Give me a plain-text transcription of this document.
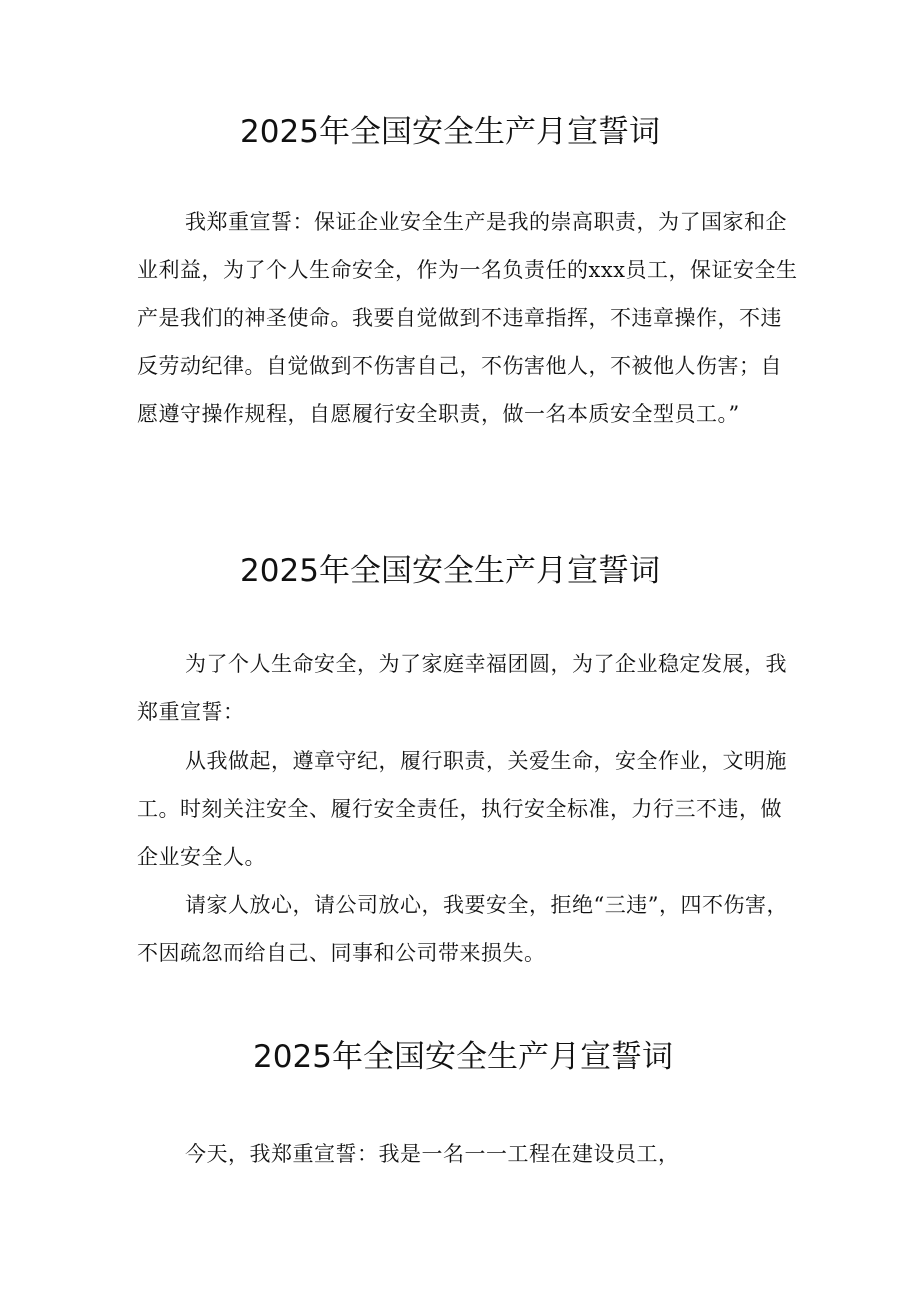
2025年全国安全生产月宣誓词

我郑重宣誓：保证企业安全生产是我的崇高职责，为了国家和企业利益，为了个人生命安全，作为一名负责任的xxx员工，保证安全生产是我们的神圣使命。我要自觉做到不违章指挥，不违章操作，不违反劳动纪律。自觉做到不伤害自己，不伤害他人，不被他人伤害；自愿遵守操作规程，自愿履行安全职责，做一名本质安全型员工。”

2025年全国安全生产月宣誓词

为了个人生命安全，为了家庭幸福团圆，为了企业稳定发展，我郑重宣誓：

从我做起，遵章守纪，履行职责，关爱生命，安全作业，文明施工。时刻关注安全、履行安全责任，执行安全标准，力行三不违，做企业安全人。

请家人放心，请公司放心，我要安全，拒绝“三违”，四不伤害，不因疏忽而给自己、同事和公司带来损失。

2025年全国安全生产月宣誓词

今天，我郑重宣誓：我是一名一一工程在建设员工，
